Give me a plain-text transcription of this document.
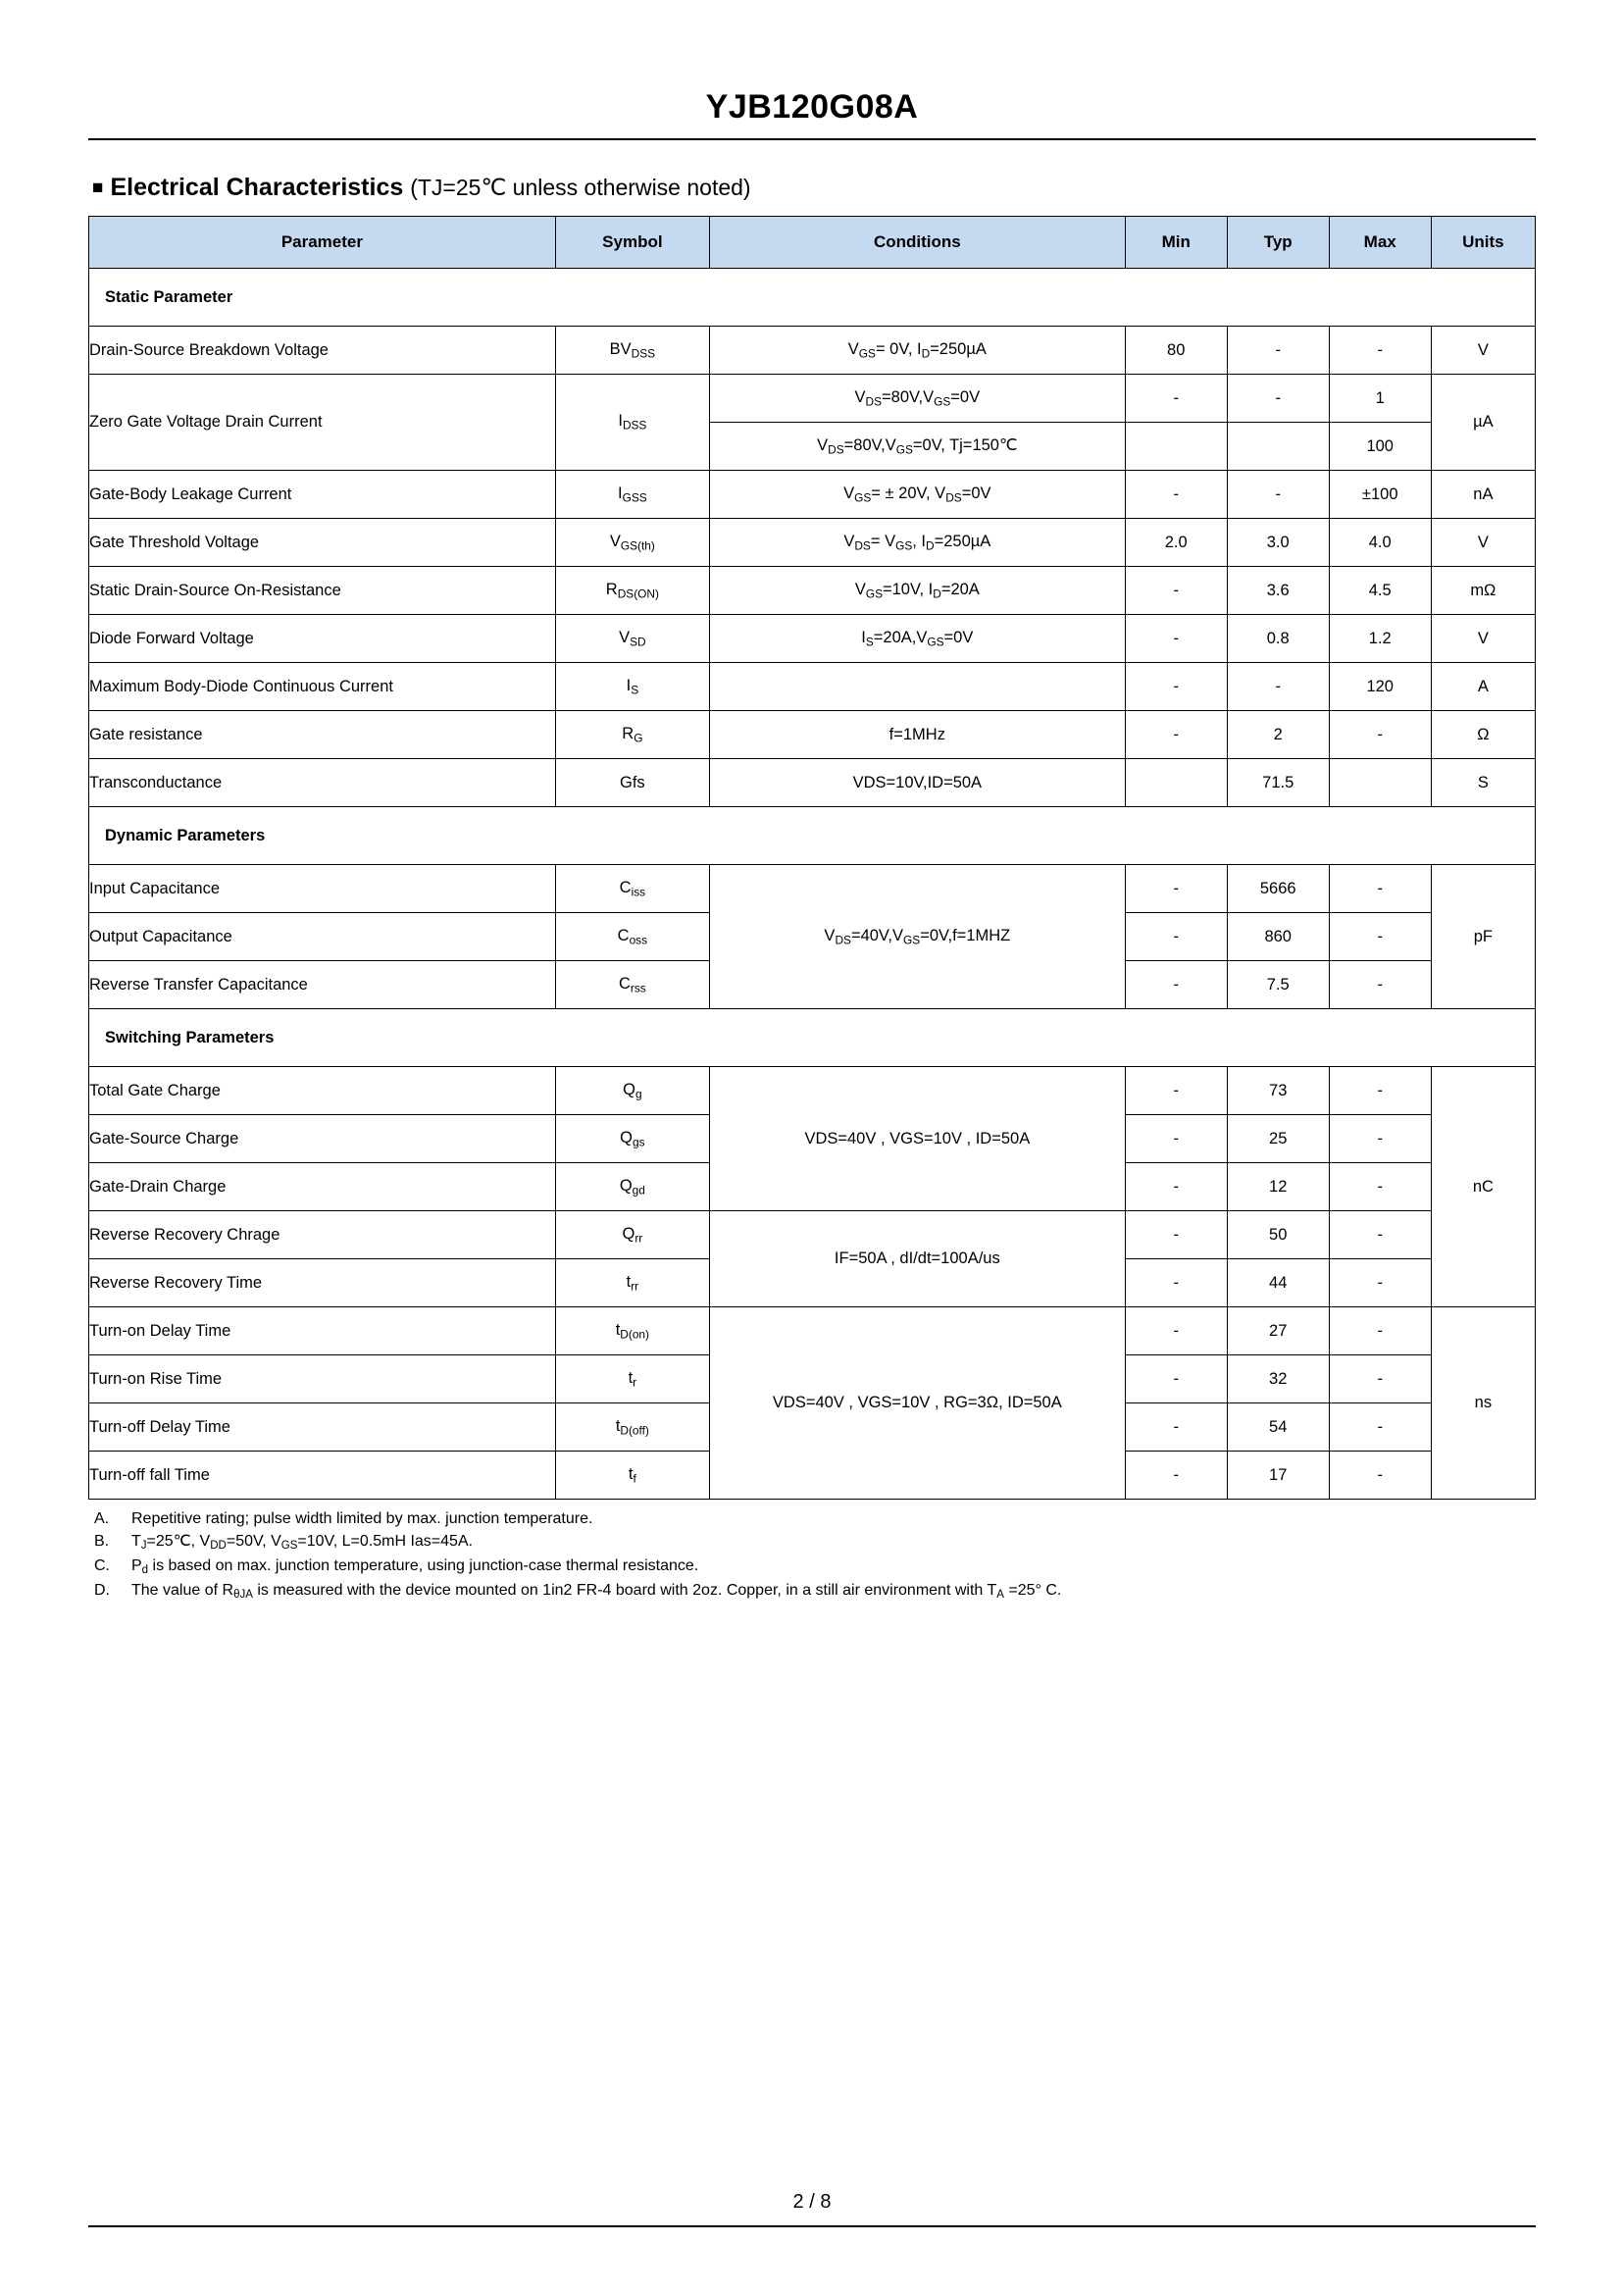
YJB120G08A
■ Electrical Characteristics (TJ=25℃ unless otherwise noted)
Parameter	Symbol	Conditions	Min	Typ	Max	Units
Static Parameter						
Drain-Source Breakdown Voltage	$BV_{DSS}$	$V_{GS}= 0V$, $I_D=250\mu A$	80	-	-	V
Zero Gate Voltage Drain Current	$I_{DSS}$	$V_{DS}=80V,V_{GS}=0V$	-	-	1	µA
		$V_{DS}=80V,V_{GS}=0V$, Tj=150℃			100	
Gate-Body Leakage Current	$I_{GSS}$	$V_{GS}= \pm 20V$, $V_{DS}=0V$	-	-	±100	nA
Gate Threshold Voltage	$V_{GS(th)}$	$V_{DS}= V_{GS}$, $I_D=250\mu A$	2.0	3.0	4.0	V
Static Drain-Source On-Resistance	$R_{DS(ON)}$	$V_{GS}=10V$, $I_D=20A$	-	3.6	4.5	mΩ
Diode Forward Voltage	$V_{SD}$	$I_S=20A,V_{GS}=0V$	-	0.8	1.2	V
Maximum Body-Diode Continuous Current	$I_S$		-	-	120	A
Gate resistance	$R_G$	f=1MHz	-	2	-	Ω
Transconductance	Gfs	VDS=10V,ID=50A		71.5		S
Dynamic Parameters						
Input Capacitance	$C_{iss}$	$V_{DS}=40V,V_{GS}=0V,f=1MHZ$	-	5666	-	pF
Output Capacitance	$C_{oss}$		-	860	-	
Reverse Transfer Capacitance	$C_{rss}$		-	7.5	-	
Switching Parameters						
Total Gate Charge	$Q_g$	VDS=40V , VGS=10V , ID=50A	-	73	-	nC
Gate-Source Charge	$Q_{gs}$		-	25	-	
Gate-Drain Charge	$Q_{gd}$		-	12	-	
Reverse Recovery Chrage	$Q_{rr}$	IF=50A , dI/dt=100A/us	-	50	-	
Reverse Recovery Time	$t_{rr}$		-	44	-	
Turn-on Delay Time	$t_{D(on)}$	VDS=40V , VGS=10V , RG=3Ω, ID=50A	-	27	-	ns
Turn-on Rise Time	$t_r$		-	32	-	
Turn-off Delay Time	$t_{D(off)}$		-	54	-	
Turn-off fall Time	$t_f$		-	17	-	
A.	Repetitive rating; pulse width limited by max. junction temperature.
B.	$T_J=25℃$, $V_{DD}=50V$, $V_{GS}=10V$, L=0.5mH Ias=45A.
C.	$P_d$ is based on max. junction temperature, using junction-case thermal resistance.
D.	The value of $R_{\theta JA}$ is measured with the device mounted on 1in2 FR-4 board with 2oz. Copper, in a still air environment with $T_A =25^\circ$ C.
2 / 8
